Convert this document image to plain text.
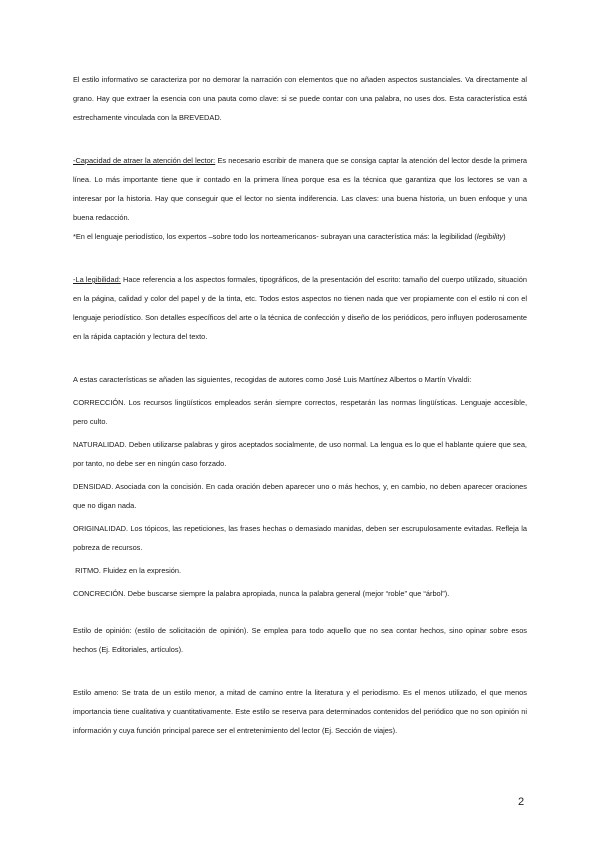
El estilo informativo se caracteriza por no demorar la narración con elementos que no añaden aspectos sustanciales. Va directamente al grano. Hay que extraer la esencia con una pauta como clave: si se puede contar con una palabra, no uses dos. Esta característica está estrechamente vinculada con la BREVEDAD.

-Capacidad de atraer la atención del lector: Es necesario escribir de manera que se consiga captar la atención del lector desde la primera línea. Lo más importante tiene que ir contado en la primera línea porque esa es la técnica que garantiza que los lectores se van a interesar por la historia. Hay que conseguir que el lector no sienta indiferencia. Las claves: una buena historia, un buen enfoque y una buena redacción.

*En el lenguaje periodístico, los expertos –sobre todo los norteamericanos- subrayan una característica más: la legibilidad (legibility)

-La legibilidad: Hace referencia a los aspectos formales, tipográficos, de la presentación del escrito: tamaño del cuerpo utilizado, situación en la página, calidad y color del papel y de la tinta, etc. Todos estos aspectos no tienen nada que ver propiamente con el estilo ni con el lenguaje periodístico. Son detalles específicos del arte o la técnica de confección y diseño de los periódicos, pero influyen poderosamente en la rápida captación y lectura del texto.

A estas características se añaden las siguientes, recogidas de autores como José Luis Martínez Albertos o Martín Vivaldi:

CORRECCIÓN. Los recursos lingüísticos empleados serán siempre correctos, respetarán las normas lingüísticas. Lenguaje accesible, pero culto.

NATURALIDAD. Deben utilizarse palabras y giros aceptados socialmente, de uso normal. La lengua es lo que el hablante quiere que sea, por tanto, no debe ser en ningún caso forzado.

DENSIDAD. Asociada con la concisión. En cada oración deben aparecer uno o más hechos, y, en cambio, no deben aparecer oraciones que no digan nada.

ORIGINALIDAD. Los tópicos, las repeticiones, las frases hechas o demasiado manidas, deben ser escrupulosamente evitadas. Refleja la pobreza de recursos.

RITMO. Fluidez en la expresión.

CONCRECIÓN. Debe buscarse siempre la palabra apropiada, nunca la palabra general (mejor “roble” que “árbol”).

Estilo de opinión: (estilo de solicitación de opinión). Se emplea para todo aquello que no sea contar hechos, sino opinar sobre esos hechos (Ej. Editoriales, artículos).

Estilo ameno: Se trata de un estilo menor, a mitad de camino entre la literatura y el periodismo. Es el menos utilizado, el que menos importancia tiene cualitativa y cuantitativamente. Este estilo se reserva para determinados contenidos del periódico que no son opinión ni información y cuya función principal parece ser el entretenimiento del lector (Ej. Sección de viajes).

2
